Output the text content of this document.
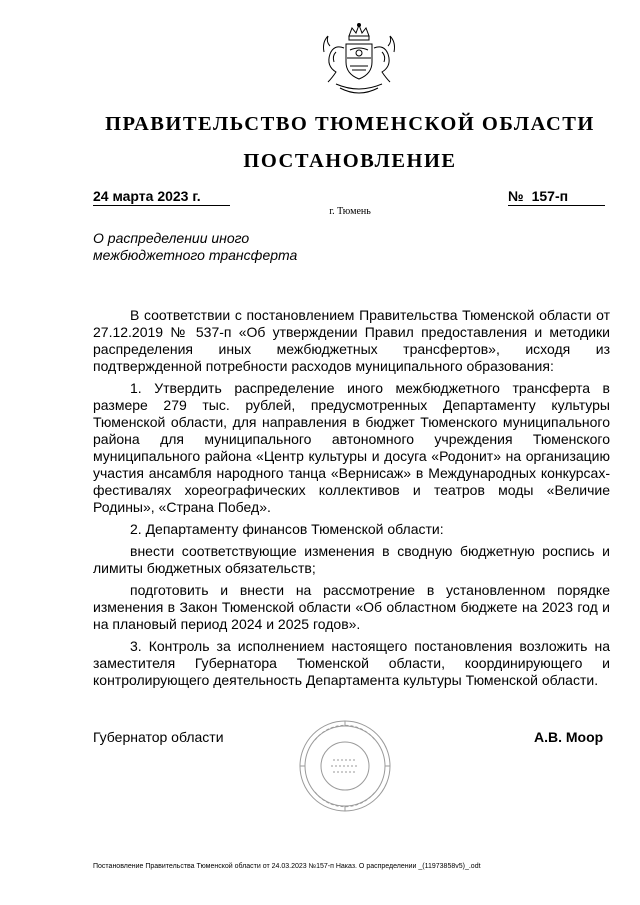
ПРАВИТЕЛЬСТВО ТЮМЕНСКОЙ ОБЛАСТИ
ПОСТАНОВЛЕНИЕ
24 марта 2023 г.	№ 157-п
г. Тюмень
О распределении иного
межбюджетного трансферта

В соответствии с постановлением Правительства Тюменской области от 27.12.2019 № 537-п «Об утверждении Правил предоставления и методики распределения иных межбюджетных трансфертов», исходя из подтвержденной потребности расходов муниципального образования:

1. Утвердить распределение иного межбюджетного трансферта в размере 279 тыс. рублей, предусмотренных Департаменту культуры Тюменской области, для направления в бюджет Тюменского муниципального района для муниципального автономного учреждения Тюменского муниципального района «Центр культуры и досуга «Родонит» на организацию участия ансамбля народного танца «Вернисаж» в Международных конкурсах-фестивалях хореографических коллективов и театров моды «Величие Родины», «Страна Побед».

2. Департаменту финансов Тюменской области:

внести соответствующие изменения в сводную бюджетную роспись и лимиты бюджетных обязательств;

подготовить и внести на рассмотрение в установленном порядке изменения в Закон Тюменской области «Об областном бюджете на 2023 год и на плановый период 2024 и 2025 годов».

3. Контроль за исполнением настоящего постановления возложить на заместителя Губернатора Тюменской области, координирующего и контролирующего деятельность Департамента культуры Тюменской области.

Губернатор области	А.В. Моор
Постановление Правительства Тюменской области от 24.03.2023 №157-п Наказ. О распределении _(11973858v5)_.odt
